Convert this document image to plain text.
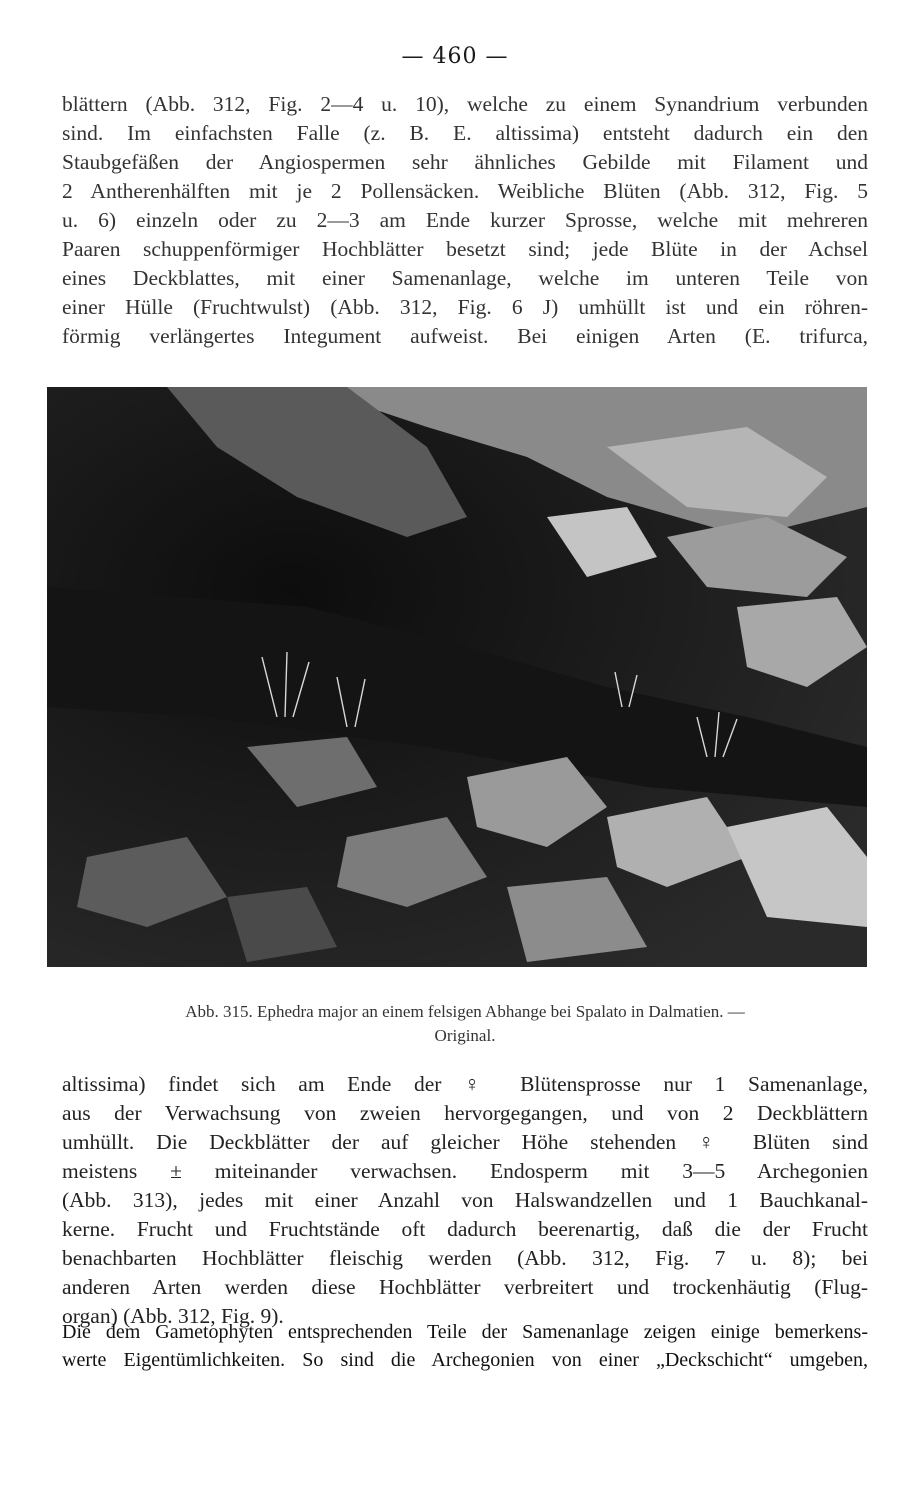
— 460 —
blättern (Abb. 312, Fig. 2—4 u. 10), welche zu einem Synandrium verbunden
sind. Im einfachsten Falle (z. B. E. altissima) entsteht dadurch ein den
Staubgefäßen der Angiospermen sehr ähnliches Gebilde mit Filament und
2 Antherenhälften mit je 2 Pollensäcken. Weibliche Blüten (Abb. 312, Fig. 5
u. 6) einzeln oder zu 2—3 am Ende kurzer Sprosse, welche mit mehreren
Paaren schuppenförmiger Hochblätter besetzt sind; jede Blüte in der Achsel
eines Deckblattes, mit einer Samenanlage, welche im unteren Teile von
einer Hülle (Fruchtwulst) (Abb. 312, Fig. 6 J) umhüllt ist und ein röhren-
förmig verlängertes Integument aufweist. Bei einigen Arten (E. trifurca,
Abb. 315. Ephedra major an einem felsigen Abhange bei Spalato in Dalmatien. —
Original.
altissima) findet sich am Ende der ♀ Blütensprosse nur 1 Samenanlage,
aus der Verwachsung von zweien hervorgegangen, und von 2 Deckblättern
umhüllt. Die Deckblätter der auf gleicher Höhe stehenden ♀ Blüten sind
meistens ± miteinander verwachsen. Endosperm mit 3—5 Archegonien
(Abb. 313), jedes mit einer Anzahl von Halswandzellen und 1 Bauchkanal-
kerne. Frucht und Fruchtstände oft dadurch beerenartig, daß die der Frucht
benachbarten Hochblätter fleischig werden (Abb. 312, Fig. 7 u. 8); bei
anderen Arten werden diese Hochblätter verbreitert und trockenhäutig (Flug-
organ) (Abb. 312, Fig. 9).
Die dem Gametophyten entsprechenden Teile der Samenanlage zeigen einige bemerkens-
werte Eigentümlichkeiten. So sind die Archegonien von einer „Deckschicht“ umgeben,
